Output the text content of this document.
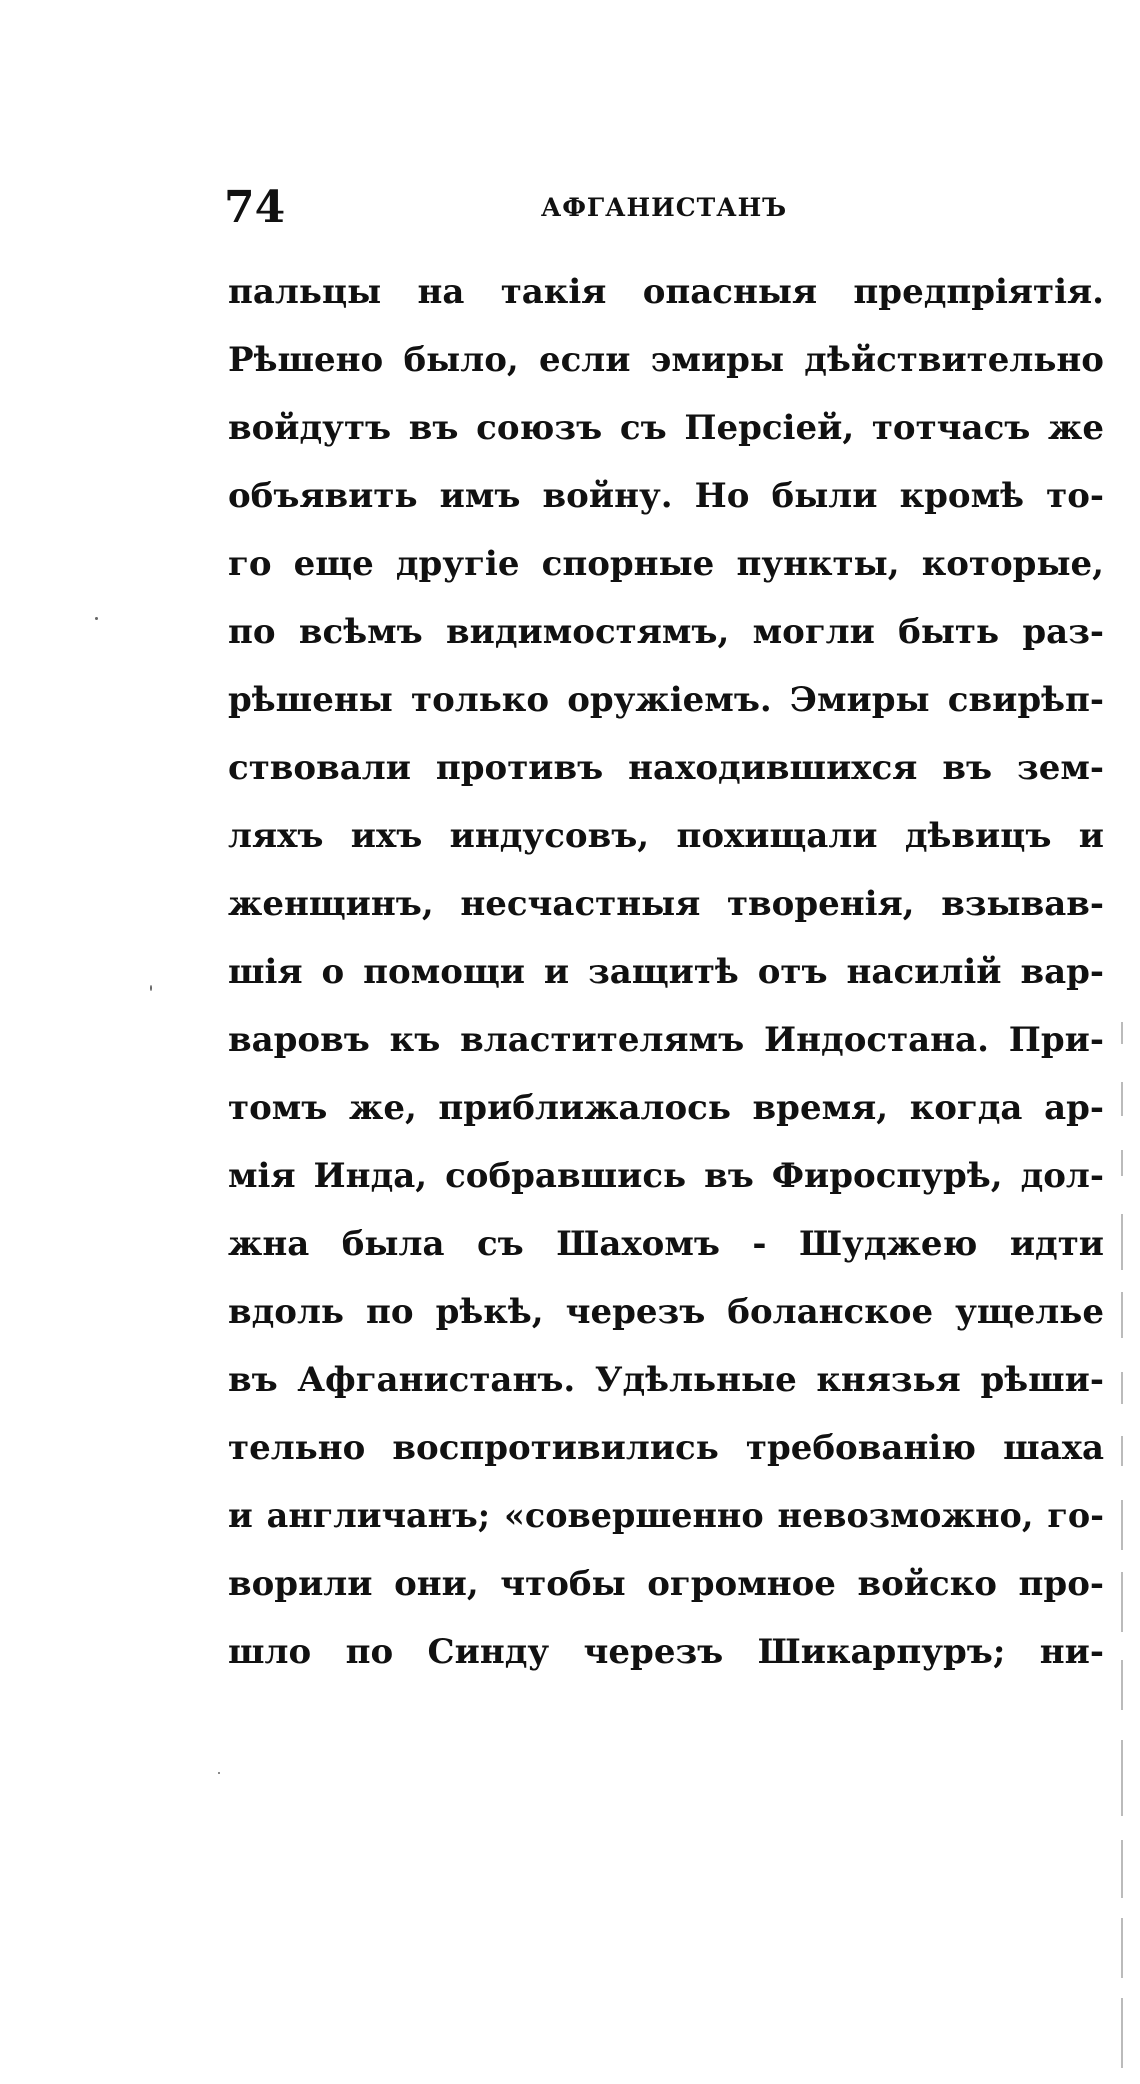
74	АФГАНИСТАНЪ
пальцы на такія опасныя предпріятія.
Рѣшено было, если эмиры дѣйствительно
войдутъ въ союзъ съ Персіей, тотчасъ же
объявить имъ войну. Но были кромѣ то-
го еще другіе спорные пункты, которые,
по всѣмъ видимостямъ, могли быть раз-
рѣшены только оружіемъ. Эмиры свирѣп-
ствовали противъ находившихся въ зем-
ляхъ ихъ индусовъ, похищали дѣвицъ и
женщинъ, несчастныя творенія, взывав-
шія о помощи и защитѣ отъ насилій вар-
варовъ къ властителямъ Индостана. При-
томъ же, приближалось время, когда ар-
мія Инда, собравшись въ Фироспурѣ, дол-
жна была съ Шахомъ - Шуджею идти
вдоль по рѣкѣ, черезъ боланское ущелье
въ Афганистанъ. Удѣльные князья рѣши-
тельно воспротивились требованію шаха
и англичанъ; «совершенно невозможно, го-
ворили они, чтобы огромное войско про-
шло по Синду черезъ Шикарпуръ; ни-
